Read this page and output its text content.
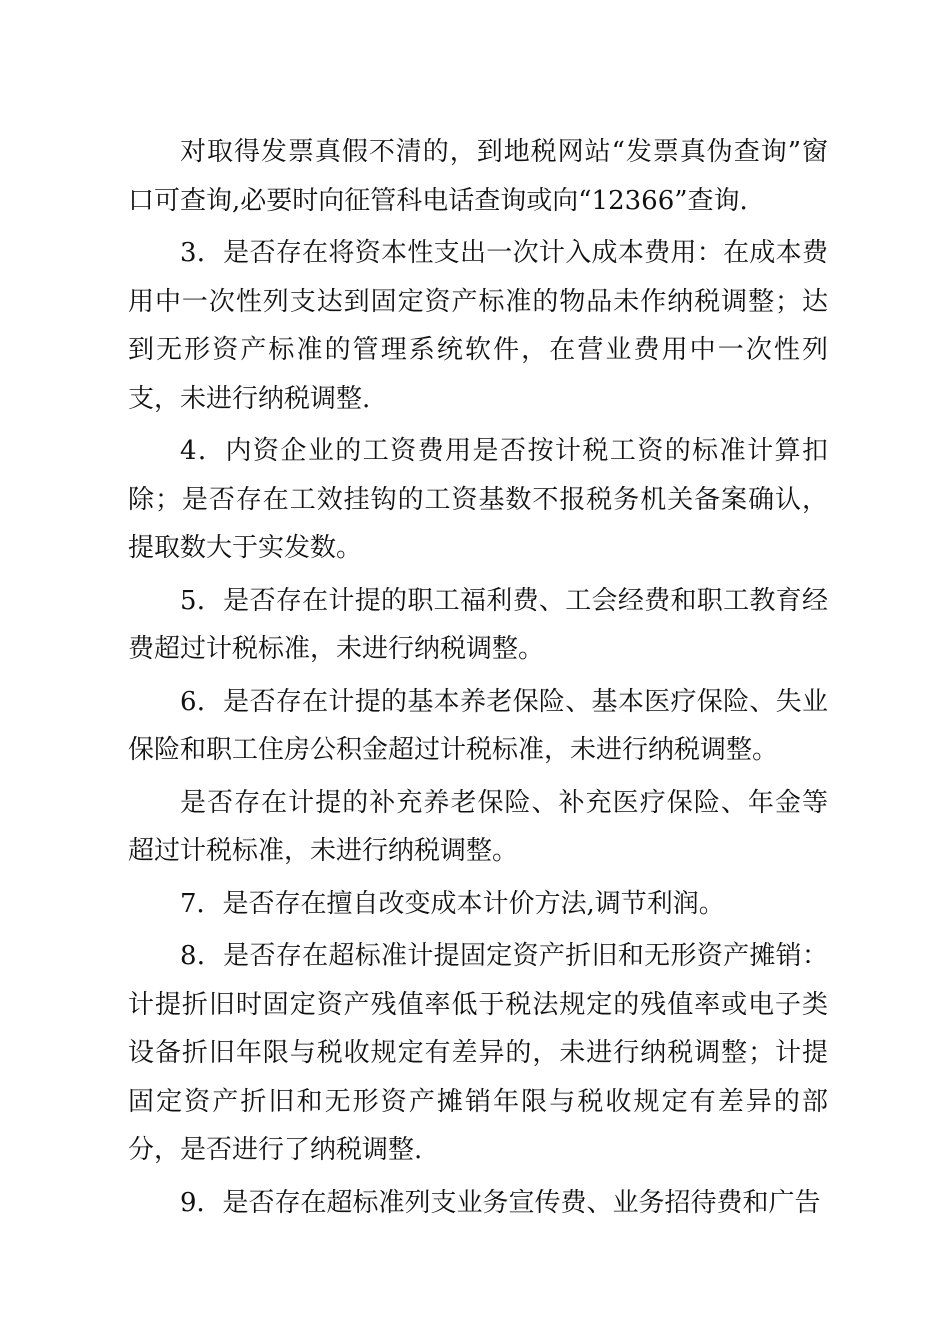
对取得发票真假不清的，到地税网站“发票真伪查询”窗口可查询,必要时向征管科电话查询或向“12366”查询.

3．是否存在将资本性支出一次计入成本费用：在成本费用中一次性列支达到固定资产标准的物品未作纳税调整；达到无形资产标准的管理系统软件，在营业费用中一次性列支，未进行纳税调整.

4．内资企业的工资费用是否按计税工资的标准计算扣除；是否存在工效挂钩的工资基数不报税务机关备案确认，提取数大于实发数。

5．是否存在计提的职工福利费、工会经费和职工教育经费超过计税标准，未进行纳税调整。

6．是否存在计提的基本养老保险、基本医疗保险、失业保险和职工住房公积金超过计税标准，未进行纳税调整。

是否存在计提的补充养老保险、补充医疗保险、年金等超过计税标准，未进行纳税调整。

7．是否存在擅自改变成本计价方法,调节利润。

8．是否存在超标准计提固定资产折旧和无形资产摊销：计提折旧时固定资产残值率低于税法规定的残值率或电子类设备折旧年限与税收规定有差异的，未进行纳税调整；计提固定资产折旧和无形资产摊销年限与税收规定有差异的部分，是否进行了纳税调整.

9．是否存在超标准列支业务宣传费、业务招待费和广告
